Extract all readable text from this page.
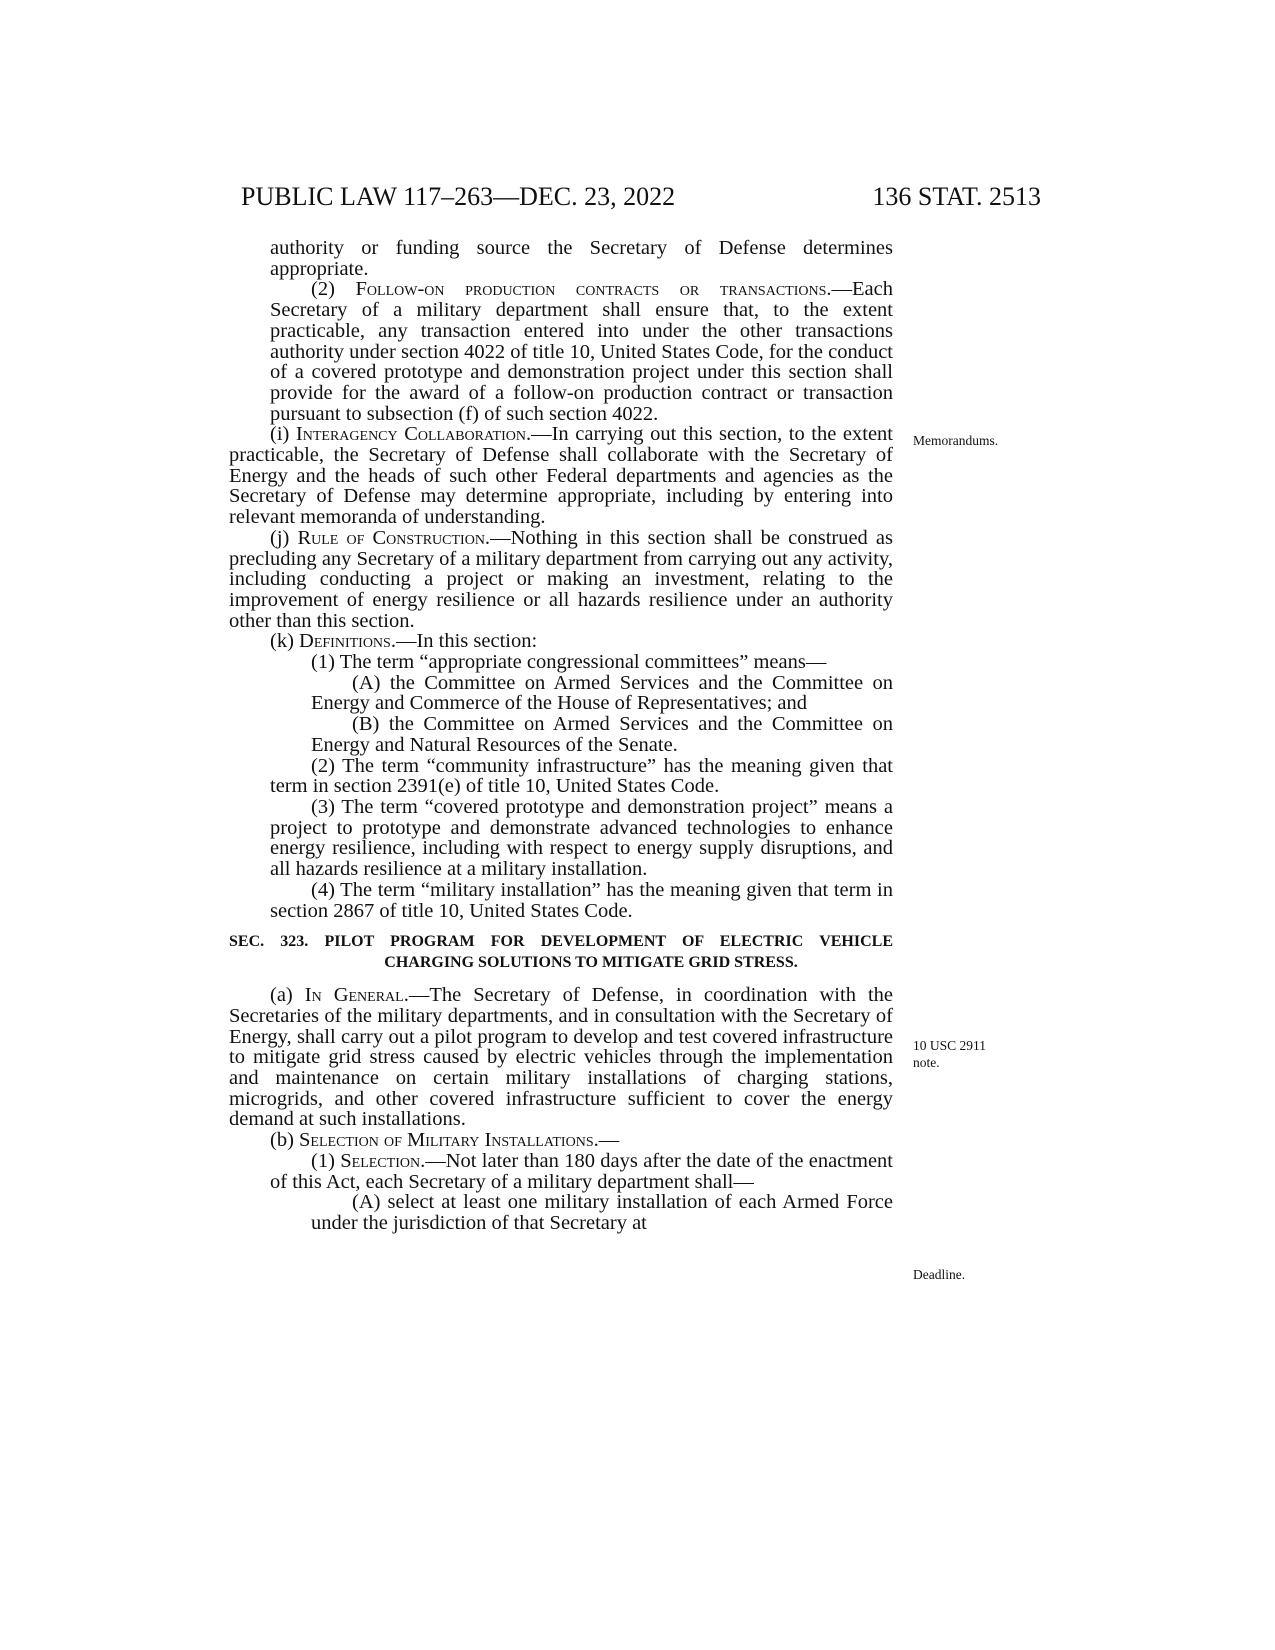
PUBLIC LAW 117–263—DEC. 23, 2022	136 STAT. 2513

authority or funding source the Secretary of Defense determines appropriate.

(2) Follow-on production contracts or transactions.—Each Secretary of a military department shall ensure that, to the extent practicable, any transaction entered into under the other transactions authority under section 4022 of title 10, United States Code, for the conduct of a covered prototype and demonstration project under this section shall provide for the award of a follow-on production contract or transaction pursuant to subsection (f) of such section 4022.

(i) Interagency Collaboration.—In carrying out this section, to the extent practicable, the Secretary of Defense shall collaborate with the Secretary of Energy and the heads of such other Federal departments and agencies as the Secretary of Defense may determine appropriate, including by entering into relevant memoranda of understanding.

(j) Rule of Construction.—Nothing in this section shall be construed as precluding any Secretary of a military department from carrying out any activity, including conducting a project or making an investment, relating to the improvement of energy resilience or all hazards resilience under an authority other than this section.

(k) Definitions.—In this section:

(1) The term “appropriate congressional committees” means—

(A) the Committee on Armed Services and the Committee on Energy and Commerce of the House of Representatives; and

(B) the Committee on Armed Services and the Committee on Energy and Natural Resources of the Senate.

(2) The term “community infrastructure” has the meaning given that term in section 2391(e) of title 10, United States Code.

(3) The term “covered prototype and demonstration project” means a project to prototype and demonstrate advanced technologies to enhance energy resilience, including with respect to energy supply disruptions, and all hazards resilience at a military installation.

(4) The term “military installation” has the meaning given that term in section 2867 of title 10, United States Code.

SEC. 323. PILOT PROGRAM FOR DEVELOPMENT OF ELECTRIC VEHICLE
CHARGING SOLUTIONS TO MITIGATE GRID STRESS.

(a) In General.—The Secretary of Defense, in coordination with the Secretaries of the military departments, and in consultation with the Secretary of Energy, shall carry out a pilot program to develop and test covered infrastructure to mitigate grid stress caused by electric vehicles through the implementation and maintenance on certain military installations of charging stations, microgrids, and other covered infrastructure sufficient to cover the energy demand at such installations.

(b) Selection of Military Installations.—

(1) Selection.—Not later than 180 days after the date of the enactment of this Act, each Secretary of a military department shall—

(A) select at least one military installation of each Armed Force under the jurisdiction of that Secretary at

Memorandums.
10 USC 2911
note.
Deadline.
